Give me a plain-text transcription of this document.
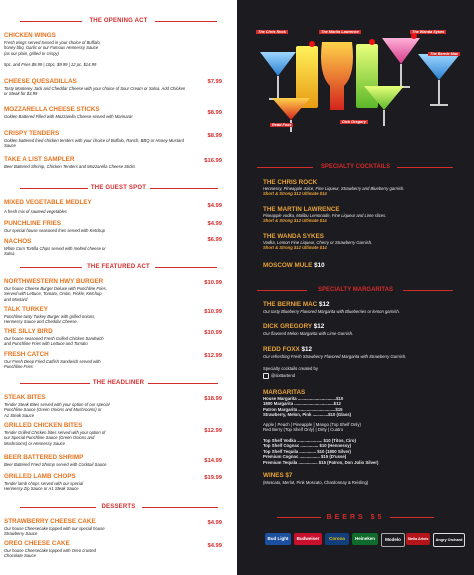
THE OPENING ACT
CHICKEN WINGS
Fresh wings served tossed in your choice of Buffalo,
honey bbq, Garlic or our Famous Hennessy Sauce
(as our plain, grilled or crispy)

5pc. and Fries $9.99 | 10pc. $9.99 | 12 pc. $14.99
CHEESE QUESADILLAS	$7.99
Tasty Monterey Jack and Cheddar Cheese with your choice of Sour Cream or Salsa. Add Chicken or Steak for $3.99
MOZZARELLA CHEESE STICKS	$8.99
Golden Battered Filled with Mozzarella Cheese served with Marinara!
CRISPY TENDERS	$8.99
Golden battered fried chicken tenders with your choice of Buffalo, Ranch, BBQ or Honey Mustard Sauce
TAKE A LIST SAMPLER	$16.99
Beer Battered Shrimp, Chicken Tenders and Mozzarella Cheese Sticks
THE GUEST SPOT
MIXED VEGETABLE MEDLEY	$4.99
A fresh mix of sauteed vegetables
PUNCHLINE FRIES	$4.99
Our special house seasoned fries served with Ketchup
NACHOS	$6.99
White Corn Tortilla Chips served with melted cheese or
Salsa
THE FEATURED ACT
NORTHWESTERN HWY BURGER	$10.99
Our house Cheese Burger Deluxe with Punchline Fries.
Served with Lettuce, Tomato, Onion, Pickle, Ketchup
and Mustard
TALK TURKEY	$10.99
Punchline tasty Turkey Burger with grilled onions,
Hennessy Sauce and Cheddar Cheese.
THE SILLY BIRD	$10.99
Our house seasoned Fresh Grilled Chicken Sandwich
and Punchline Fries with Lettuce and Tomato
FRESH CATCH	$12.99
Our Fresh Deep Fried Catfish Sandwich served with
Punchline Fries
THE HEADLINER
STEAK BITES	$18.99
Tender Steak Bites served with your option of our special
Punchline Sauce (Green Onions and Mushrooms) or
A1 Steak Sauce
GRILLED CHICKEN BITES
$12.99
Tender Grilled Chicken bites served with your option of
our Special Punchline Sauce (Green Onions and
Mushrooms) or Hennessy Sauce
BEER BATTERED SHRIMP	$14.99
Beer Battered Fried Shrimp served with Cocktail Sauce
GRILLED LAMB CHOPS	$19.99
Tender lamb chops served with our special
Hennessy Zip Sauce or A1 Steak Sauce
DESSERTS
STRAWBERRY CHEESE CAKE	$4.99
Our house Cheesecake topped with our special house
Strawberry Sauce
OREO CHEESE CAKE	$4.99
Our house Cheesecake topped with Oreo crusted
Chocolate Sauce
The Chris Rock	The Martin Lawrence	The Wanda Sykes
The Bernie Mac
Redd Foxx
Dick Gregory
SPECIALTY COCKTAILS
THE CHRIS ROCK
Hennessy, Pineapple Juice, Fine Liqueur, Strawberry and Blueberry garnish.
Short & Strong $12 Ultimate $14
THE MARTIN LAWRENCE
Pineapple vodka, Malibu Lemonade, Fine Liqueur and Lime slices.
Short & Strong $12 Ultimate $14
THE WANDA SYKES
Vodka, Lemon Fine Liqueur, Cherry or Strawberry Garnish.
Short & Strong $12 Ultimate $14
MOSCOW MULE $10
SPECIALTY MARGARITAS
THE BERNIE MAC $12
Our tasty Blueberry Flavored Margarita with Blueberries or lemon garnish.
DICK GREGORY $12
Our flavored Melon Margarita with Lime Garnish.
REDD FOXX $12
Our refreshing Fresh Strawberry Flavored Margarita with Strawberry Garnish.
Specialty cocktails created by
@sixBartend
MARGARITAS
House Margarita ................................$10
1800 Margarita .................................$12
Patron Margarita ...............................$15
Strawberry, Melon, Pink .............$10 (Glass)
Apple | Peach | Pineapple | Mango (Top Shelf Only)
Red Berry (Top Shelf Only) | Dirty | Cuatro
Top Shelf Vodka ..................... $10 (Titos, Ciro)
Top Shelf Cognac ............... $10 (Hennessy)
Top Shelf Tequila .............. $10 (1800 Silver)
Premium Cognac ................. $15 (D'usse)
Premium Tequila ................ $15 (Patron, Don Julio Silver)
WINES $7
(Moscato, Merlot, Pink Moscato, Chardonnay & Reisling)
BEERS $5
Bud Light	Budweiser	Corona	Heineken	Modelo	Stella Artois	Angry Orchard
